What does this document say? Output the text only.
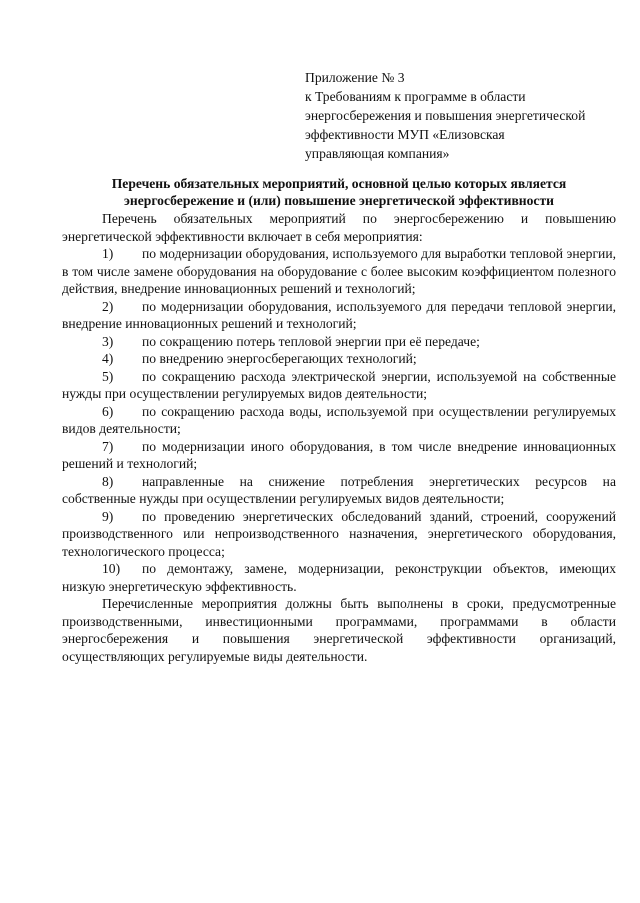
Приложение № 3
к Требованиям к программе в области
энергосбережения и повышения энергетической
эффективности МУП «Елизовская
управляющая компания»
Перечень обязательных мероприятий, основной целью которых является энергосбережение и (или) повышение энергетической эффективности

Перечень обязательных мероприятий по энергосбережению и повышению энергетической эффективности включает в себя мероприятия:

1) по модернизации оборудования, используемого для выработки тепловой энергии, в том числе замене оборудования на оборудование с более высоким коэффициентом полезного действия, внедрение инновационных решений и технологий;

2) по модернизации оборудования, используемого для передачи тепловой энергии, внедрение инновационных решений и технологий;

3) по сокращению потерь тепловой энергии при её передаче;

4) по внедрению энергосберегающих технологий;

5) по сокращению расхода электрической энергии, используемой на собственные нужды при осуществлении регулируемых видов деятельности;

6) по сокращению расхода воды, используемой при осуществлении регулируемых видов деятельности;

7) по модернизации иного оборудования, в том числе внедрение инновационных решений и технологий;

8) направленные на снижение потребления энергетических ресурсов на собственные нужды при осуществлении регулируемых видов деятельности;

9) по проведению энергетических обследований зданий, строений, сооружений производственного или непроизводственного назначения, энергетического оборудования, технологического процесса;

10) по демонтажу, замене, модернизации, реконструкции объектов, имеющих низкую энергетическую эффективность.

Перечисленные мероприятия должны быть выполнены в сроки, предусмотренные производственными, инвестиционными программами, программами в области энергосбережения и повышения энергетической эффективности организаций, осуществляющих регулируемые виды деятельности.
